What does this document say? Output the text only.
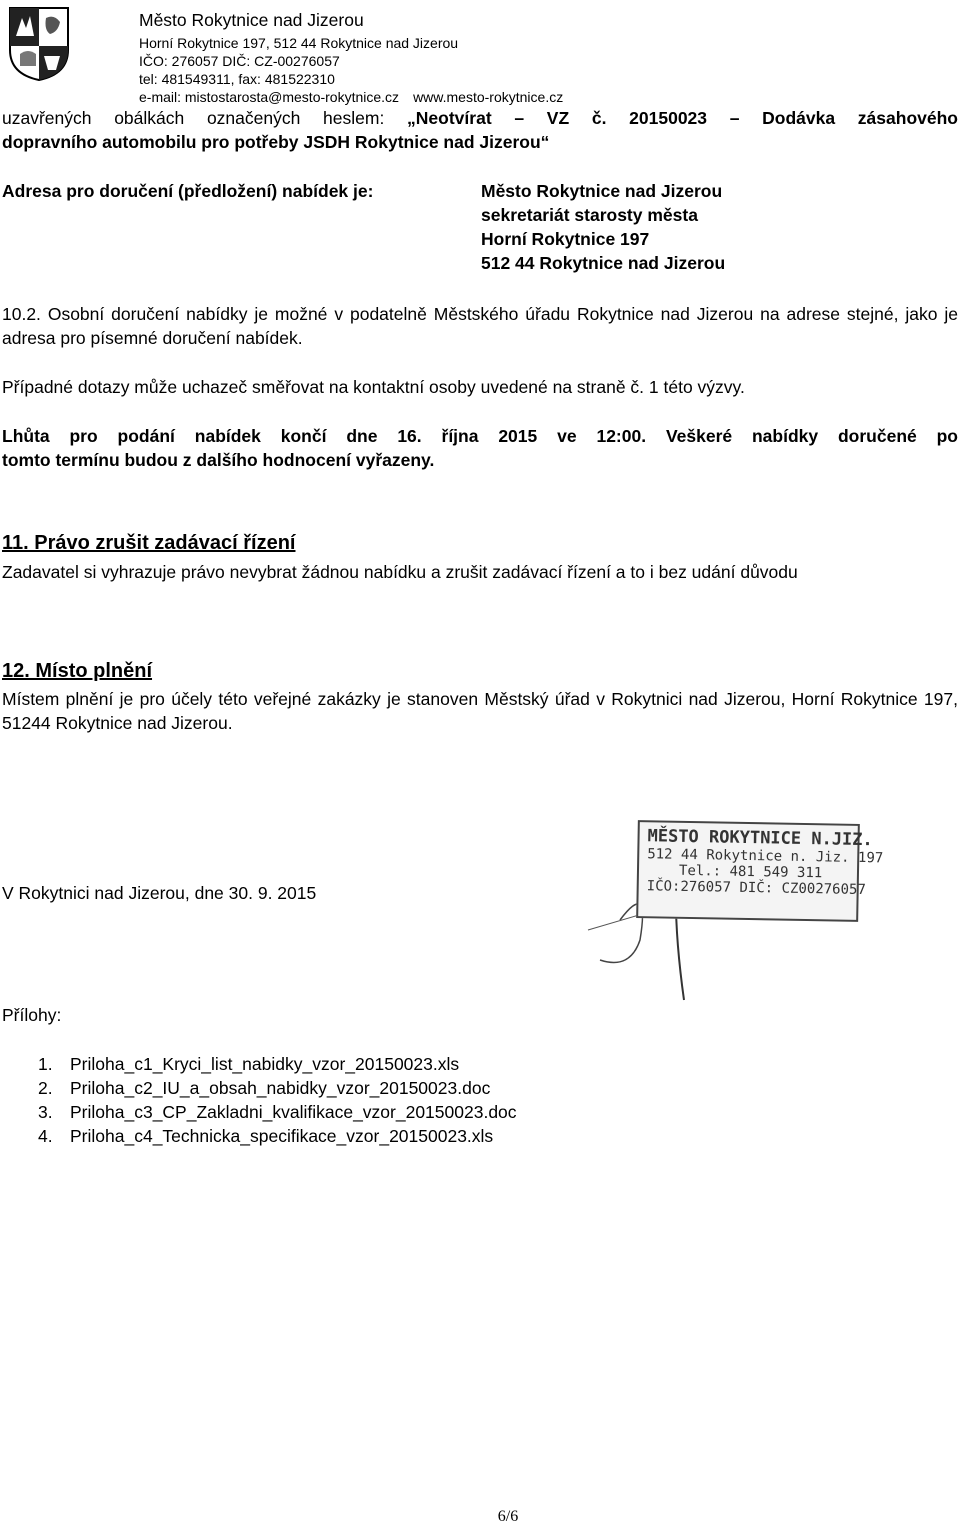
Město Rokytnice nad Jizerou
Horní Rokytnice 197, 512 44 Rokytnice nad Jizerou
IČO: 276057 DIČ: CZ-00276057
tel: 481549311, fax: 481522310
e-mail: mistostarosta@mesto-rokytnice.cz www.mesto-rokytnice.cz
uzavřených obálkách označených heslem: „Neotvírat – VZ č. 20150023 – Dodávka zásahového
dopravního automobilu pro potřeby JSDH Rokytnice nad Jizerou“
Adresa pro doručení (předložení) nabídek je:	Město Rokytnice nad Jizerou
sekretariát starosty města
Horní Rokytnice 197
512 44 Rokytnice nad Jizerou
10.2. Osobní doručení nabídky je možné v podatelně Městského úřadu Rokytnice nad Jizerou na adrese stejné, jako je adresa pro písemné doručení nabídek.
Případné dotazy může uchazeč směřovat na kontaktní osoby uvedené na straně č. 1 této výzvy.
Lhůta pro podání nabídek končí dne 16. října 2015 ve 12:00. Veškeré nabídky doručené po
tomto termínu budou z dalšího hodnocení vyřazeny.
11. Právo zrušit zadávací řízení
Zadavatel si vyhrazuje právo nevybrat žádnou nabídku a zrušit zadávací řízení a to i bez udání důvodu
12. Místo plnění
Místem plnění je pro účely této veřejné zakázky je stanoven Městský úřad v Rokytnici nad Jizerou, Horní Rokytnice 197, 51244 Rokytnice nad Jizerou.
V Rokytnici nad Jizerou, dne 30. 9. 2015
MĚSTO ROKYTNICE N.JIZ.
512 44 Rokytnice n. Jiz. 197
Tel.: 481 549 311
IČO:276057 DIČ: CZ00276057
Přílohy:
1. Priloha_c1_Kryci_list_nabidky_vzor_20150023.xls
2. Priloha_c2_IU_a_obsah_nabidky_vzor_20150023.doc
3. Priloha_c3_CP_Zakladni_kvalifikace_vzor_20150023.doc
4. Priloha_c4_Technicka_specifikace_vzor_20150023.xls
6/6
